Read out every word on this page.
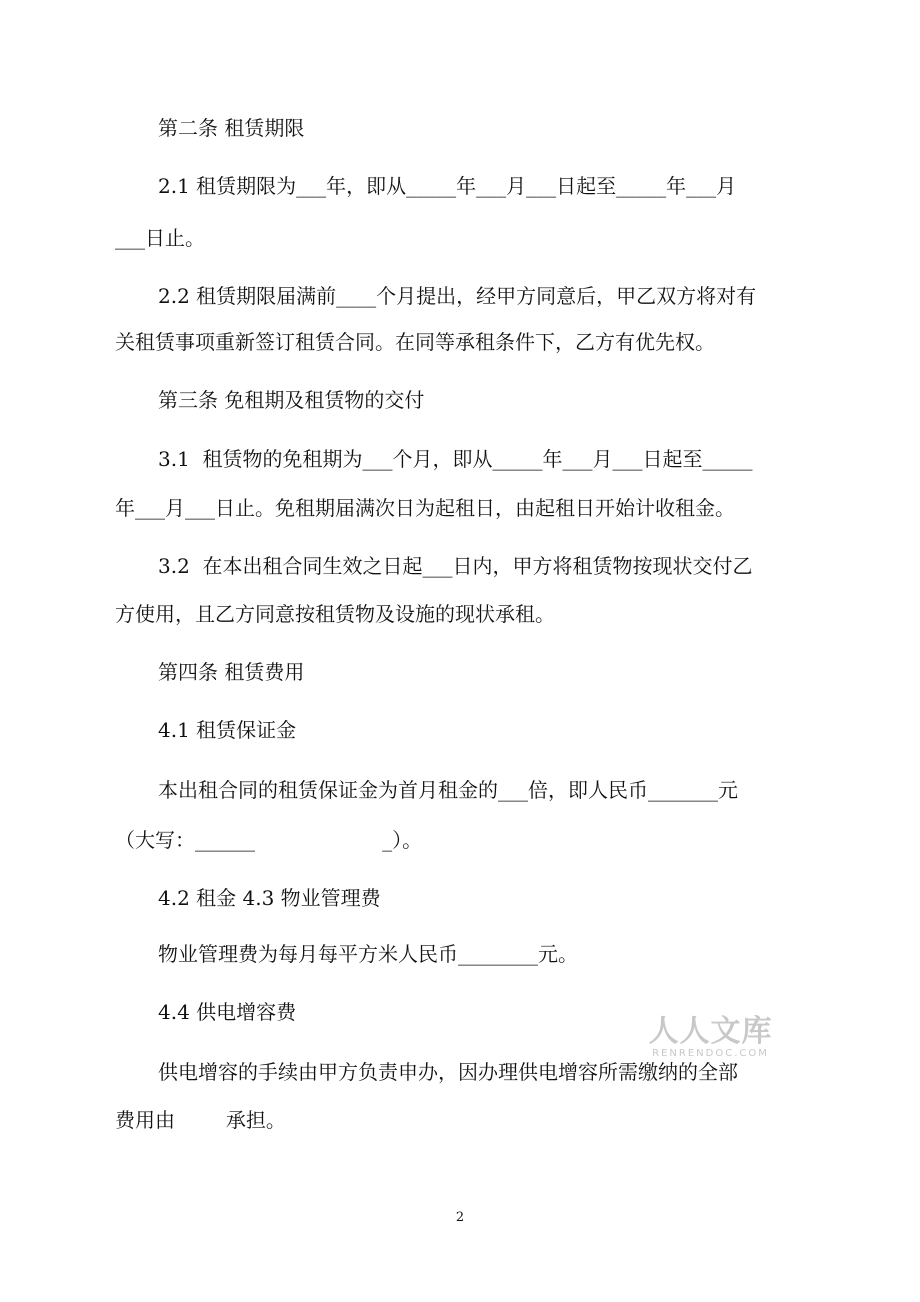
第二条 租赁期限
2.1 租赁期限为___年，即从_____年___月___日起至_____年___月
___日止。
2.2 租赁期限届满前____个月提出，经甲方同意后，甲乙双方将对有
关租赁事项重新签订租赁合同。在同等承租条件下，乙方有优先权。
第三条 免租期及租赁物的交付
3.1  租赁物的免租期为___个月，即从_____年___月___日起至_____
年___月___日止。免租期届满次日为起租日，由起租日开始计收租金。
3.2  在本出租合同生效之日起___日内，甲方将租赁物按现状交付乙
方使用，且乙方同意按租赁物及设施的现状承租。
第四条 租赁费用
4.1 租赁保证金
本出租合同的租赁保证金为首月租金的___倍，即人民币_______元
（大写：______                    _）。
4.2 租金 4.3 物业管理费
物业管理费为每月每平方米人民币________元。
4.4 供电增容费
供电增容的手续由甲方负责申办，因办理供电增容所需缴纳的全部
费用由        承担。
人人文库
RENRENDOC.COM
2
